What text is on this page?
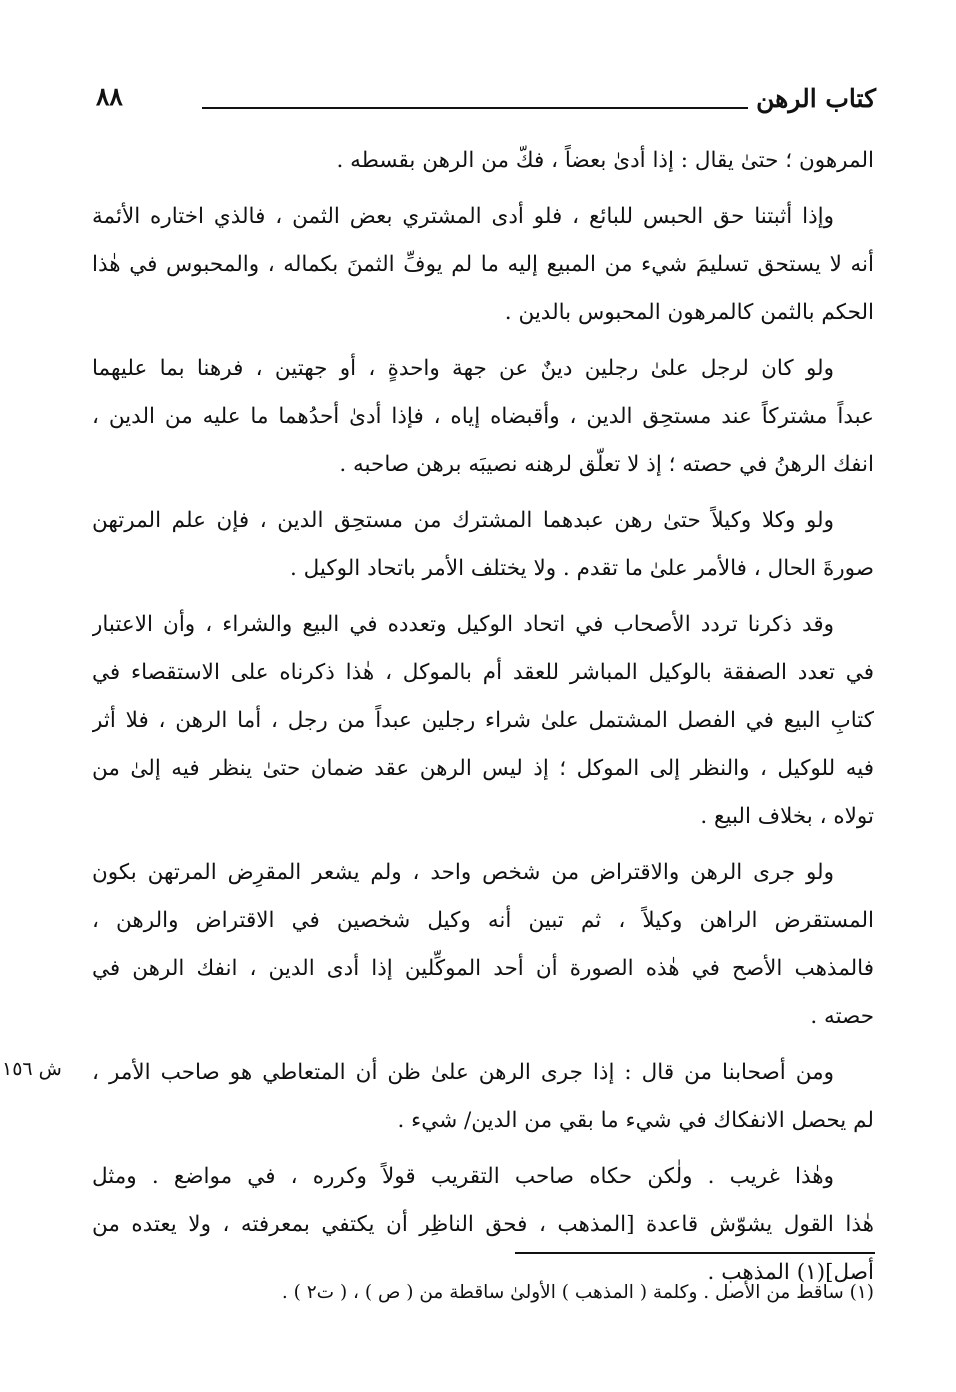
كتاب الرهن
٨٨
المرهون ؛ حتىٰ يقال : إذا أدىٰ بعضاً ، فكّ من الرهن بقسطه .
وإذا أثبتنا حق الحبس للبائع ، فلو أدى المشتري بعض الثمن ، فالذي اختاره الأئمة
أنه لا يستحق تسليمَ شيء من المبيع إليه ما لم يوفِّ الثمنَ بكماله ، والمحبوس في هٰذا
الحكم بالثمن كالمرهون المحبوس بالدين .
ولو كان لرجل علىٰ رجلين دينٌ عن جهة واحدةٍ ، أو جهتين ، فرهنا بما عليهما
عبداً مشتركاً عند مستحِق الدين ، وأقبضاه إياه ، فإذا أدىٰ أحدُهما ما عليه من الدين ،
انفك الرهنُ في حصته ؛ إذ لا تعلّق لرهنه نصيبَه برهن صاحبه .
ولو وكلا وكيلاً حتىٰ رهن عبدهما المشترك من مستحِق الدين ، فإن علم المرتهن
صورةَ الحال ، فالأمر علىٰ ما تقدم . ولا يختلف الأمر باتحاد الوكيل .
وقد ذكرنا تردد الأصحاب في اتحاد الوكيل وتعدده في البيع والشراء ، وأن الاعتبار
في تعدد الصفقة بالوكيل المباشر للعقد أم بالموكل ، هٰذا ذكرناه على الاستقصاء في
كتابِ البيع في الفصل المشتمل علىٰ شراء رجلين عبداً من رجل ، أما الرهن ، فلا أثر
فيه للوكيل ، والنظر إلى الموكل ؛ إذ ليس الرهن عقد ضمان حتىٰ ينظر فيه إلىٰ من
تولاه ، بخلاف البيع .
ولو جرى الرهن والاقتراض من شخص واحد ، ولم يشعر المقرِض المرتهن بكون
المستقرض الراهن وكيلاً ، ثم تبين أنه وكيل شخصين في الاقتراض والرهن ،
فالمذهب الأصح في هٰذه الصورة أن أحد الموكِّلين إذا أدى الدين ، انفك الرهن في
حصته .
ومن أصحابنا من قال : إذا جرى الرهن علىٰ ظن أن المتعاطي هو صاحب الأمر ،
لم يحصل الانفكاك في شيء ما بقي من الدين/ شيء .
وهٰذا غريب . ولٰكن حكاه صاحب التقريب قولاً وكرره ، في مواضع . ومثل
هٰذا القول يشوّش قاعدة [المذهب ، فحق الناظِر أن يكتفي بمعرفته ، ولا يعتده من
أصل](١) المذهب .
ش ١٥٦
(١) ساقط من الأصل . وكلمة ( المذهب ) الأولىٰ ساقطة من ( ص ) ، ( ت٢ ) .
